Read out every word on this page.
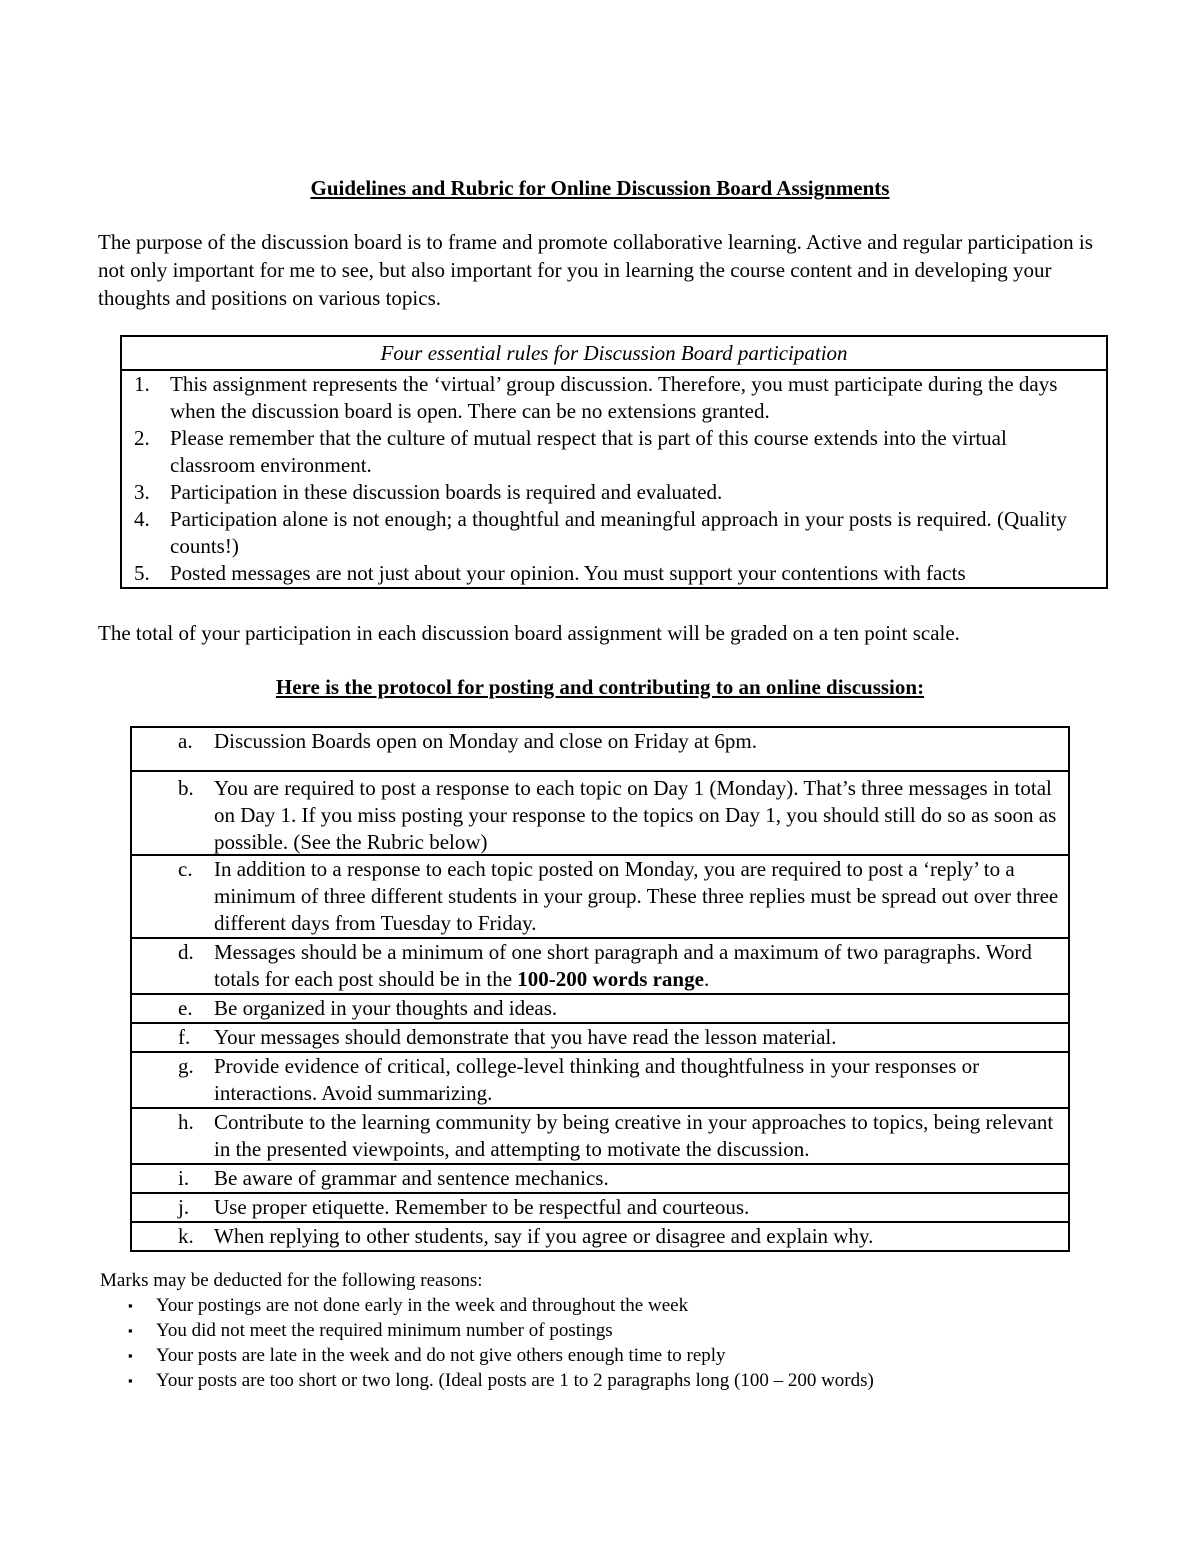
Guidelines and Rubric for Online Discussion Board Assignments

The purpose of the discussion board is to frame and promote collaborative learning. Active and regular participation is not only important for me to see, but also important for you in learning the course content and in developing your thoughts and positions on various topics.

Four essential rules for Discussion Board participation
1. This assignment represents the ‘virtual’ group discussion. Therefore, you must participate during the days when the discussion board is open. There can be no extensions granted.
2. Please remember that the culture of mutual respect that is part of this course extends into the virtual classroom environment.
3. Participation in these discussion boards is required and evaluated.
4. Participation alone is not enough; a thoughtful and meaningful approach in your posts is required. (Quality counts!)
5. Posted messages are not just about your opinion. You must support your contentions with facts

The total of your participation in each discussion board assignment will be graded on a ten point scale.

Here is the protocol for posting and contributing to an online discussion:
a. Discussion Boards open on Monday and close on Friday at 6pm.

b. You are required to post a response to each topic on Day 1 (Monday). That’s three messages in total on Day 1. If you miss posting your response to the topics on Day 1, you should still do so as soon as possible. (See the Rubric below)

c. In addition to a response to each topic posted on Monday, you are required to post a ‘reply’ to a minimum of three different students in your group. These three replies must be spread out over three different days from Tuesday to Friday.

d. Messages should be a minimum of one short paragraph and a maximum of two paragraphs. Word totals for each post should be in the 100-200 words range.

e. Be organized in your thoughts and ideas.

f. Your messages should demonstrate that you have read the lesson material.

g. Provide evidence of critical, college-level thinking and thoughtfulness in your responses or interactions. Avoid summarizing.

h. Contribute to the learning community by being creative in your approaches to topics, being relevant in the presented viewpoints, and attempting to motivate the discussion.

i. Be aware of grammar and sentence mechanics.

j. Use proper etiquette. Remember to be respectful and courteous.

k. When replying to other students, say if you agree or disagree and explain why.

Marks may be deducted for the following reasons:

▪ Your postings are not done early in the week and throughout the week
▪ You did not meet the required minimum number of postings
▪ Your posts are late in the week and do not give others enough time to reply
▪ Your posts are too short or two long. (Ideal posts are 1 to 2 paragraphs long (100 – 200 words)
